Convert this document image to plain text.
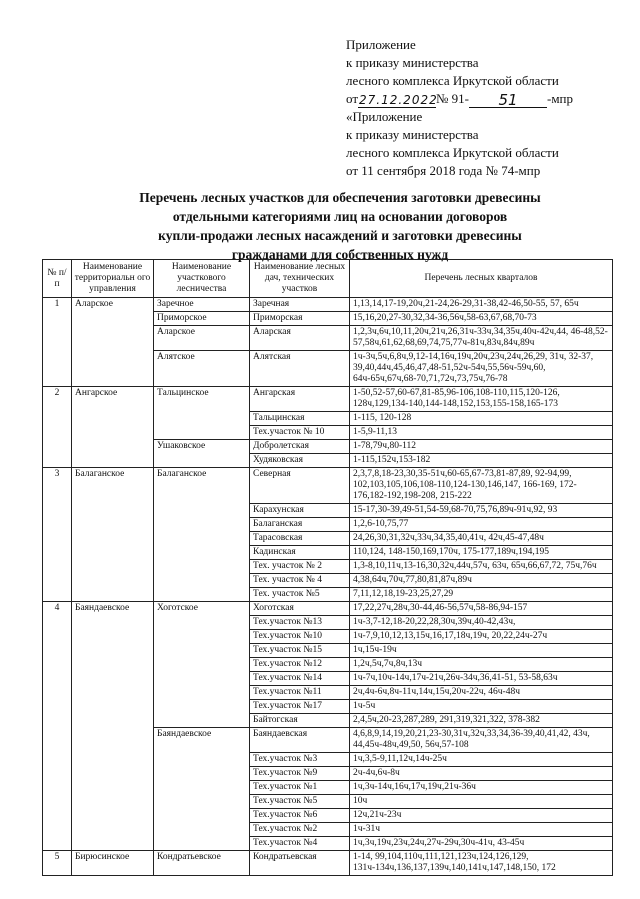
Приложение
к приказу министерства
лесного комплекса Иркутской области
от 27.12.2022
№ 91-	51	-мпр
«Приложение
к приказу министерства
лесного комплекса Иркутской области
от 11 сентября 2018 года № 74-мпр
Перечень лесных участков для обеспечения заготовки древесины
отдельными категориями лиц на основании договоров
купли-продажи лесных насаждений и заготовки древесины
гражданами для собственных нужд
№ п/п	Наименование территориальн ого управления	Наименование участкового лесничества	Наименование лесных дач, технических участков	Перечень лесных кварталов
1	Аларское	Заречное	Заречная	1,13,14,17-19,20ч,21-24,26-29,31-38,42-46,50-55, 57, 65ч
		Приморское	Приморская	15,16,20,27-30,32,34-36,56ч,58-63,67,68,70-73
		Аларское	Аларская	1,2,3ч,6ч,10,11,20ч,21ч,26,31ч-33ч,34,35ч,40ч-42ч,44, 46-48,52-57,58ч,61,62,68,69,74,75,77ч-81ч,83ч,84ч,89ч
		Алятское	Алятская	1ч-3ч,5ч,6,8ч,9,12-14,16ч,19ч,20ч,23ч,24ч,26,29, 31ч, 32-37, 39,40,44ч,45,46,47,48-51,52ч-54ч,55,56ч-59ч,60, 64ч-65ч,67ч,68-70,71,72ч,73,75ч,76-78
2	Ангарское	Тальцинское	Ангарская	1-50,52-57,60-67,81-85,96-106,108-110,115,120-126, 128ч,129,134-140,144-148,152,153,155-158,165-173
			Тальцинская	1-115, 120-128
			Тех.участок № 10	1-5,9-11,13
		Ушаковское	Добролетская	1-78,79ч,80-112
			Худяковская	1-115,152ч,153-182
3	Балаганское	Балаганское	Северная	2,3,7,8,18-23,30,35-51ч,60-65,67-73,81-87,89, 92-94,99, 102,103,105,106,108-110,124-130,146,147, 166-169, 172-176,182-192,198-208, 215-222
			Карахунская	15-17,30-39,49-51,54-59,68-70,75,76,89ч-91ч,92, 93
			Балаганская	1,2,6-10,75,77
			Тарасовская	24,26,30,31,32ч,33ч,34,35,40,41ч, 42ч,45-47,48ч
			Кадинская	110,124, 148-150,169,170ч, 175-177,189ч,194,195
			Тех. участок № 2	1,3-8,10,11ч,13-16,30,32ч,44ч,57ч, 63ч, 65ч,66,67,72, 75ч,76ч
			Тех. участок № 4	4,38,64ч,70ч,77,80,81,87ч,89ч
			Тех. участок №5	7,11,12,18,19-23,25,27,29
4	Баяндаевское	Хоготское	Хоготская	17,22,27ч,28ч,30-44,46-56,57ч,58-86,94-157
			Тех.участок №13	1ч-3,7-12,18-20,22,28,30ч,39ч,40-42,43ч,
			Тех.участок №10	1ч-7,9,10,12,13,15ч,16,17,18ч,19ч, 20,22,24ч-27ч
			Тех.участок №15	1ч,15ч-19ч
			Тех.участок №12	1,2ч,5ч,7ч,8ч,13ч
			Тех.участок №14	1ч-7ч,10ч-14ч,17ч-21ч,26ч-34ч,36,41-51, 53-58,63ч
			Тех.участок №11	2ч,4ч-6ч,8ч-11ч,14ч,15ч,20ч-22ч, 46ч-48ч
			Тех.участок №17	1ч-5ч
			Байтогская	2,4,5ч,20-23,287,289, 291,319,321,322, 378-382
		Баяндаевское	Баяндаевская	4,6,8,9,14,19,20,21,23-30,31ч,32ч,33,34,36-39,40,41,42, 43ч, 44,45ч-48ч,49,50, 56ч,57-108
			Тех.участок №3	1ч,3,5-9,11,12ч,14ч-25ч
			Тех.участок №9	2ч-4ч,6ч-8ч
			Тех.участок №1	1ч,3ч-14ч,16ч,17ч,19ч,21ч-36ч
			Тех.участок №5	10ч
			Тех.участок №6	12ч,21ч-23ч
			Тех.участок №2	1ч-31ч
			Тех.участок №4	1ч,3ч,19ч,23ч,24ч,27ч-29ч,30ч-41ч, 43-45ч
5	Бирюсинское	Кондратьевское	Кондратьевская	1-14, 99,104,110ч,111,121,123ч,124,126,129, 131ч-134ч,136,137,139ч,140,141ч,147,148,150, 172
